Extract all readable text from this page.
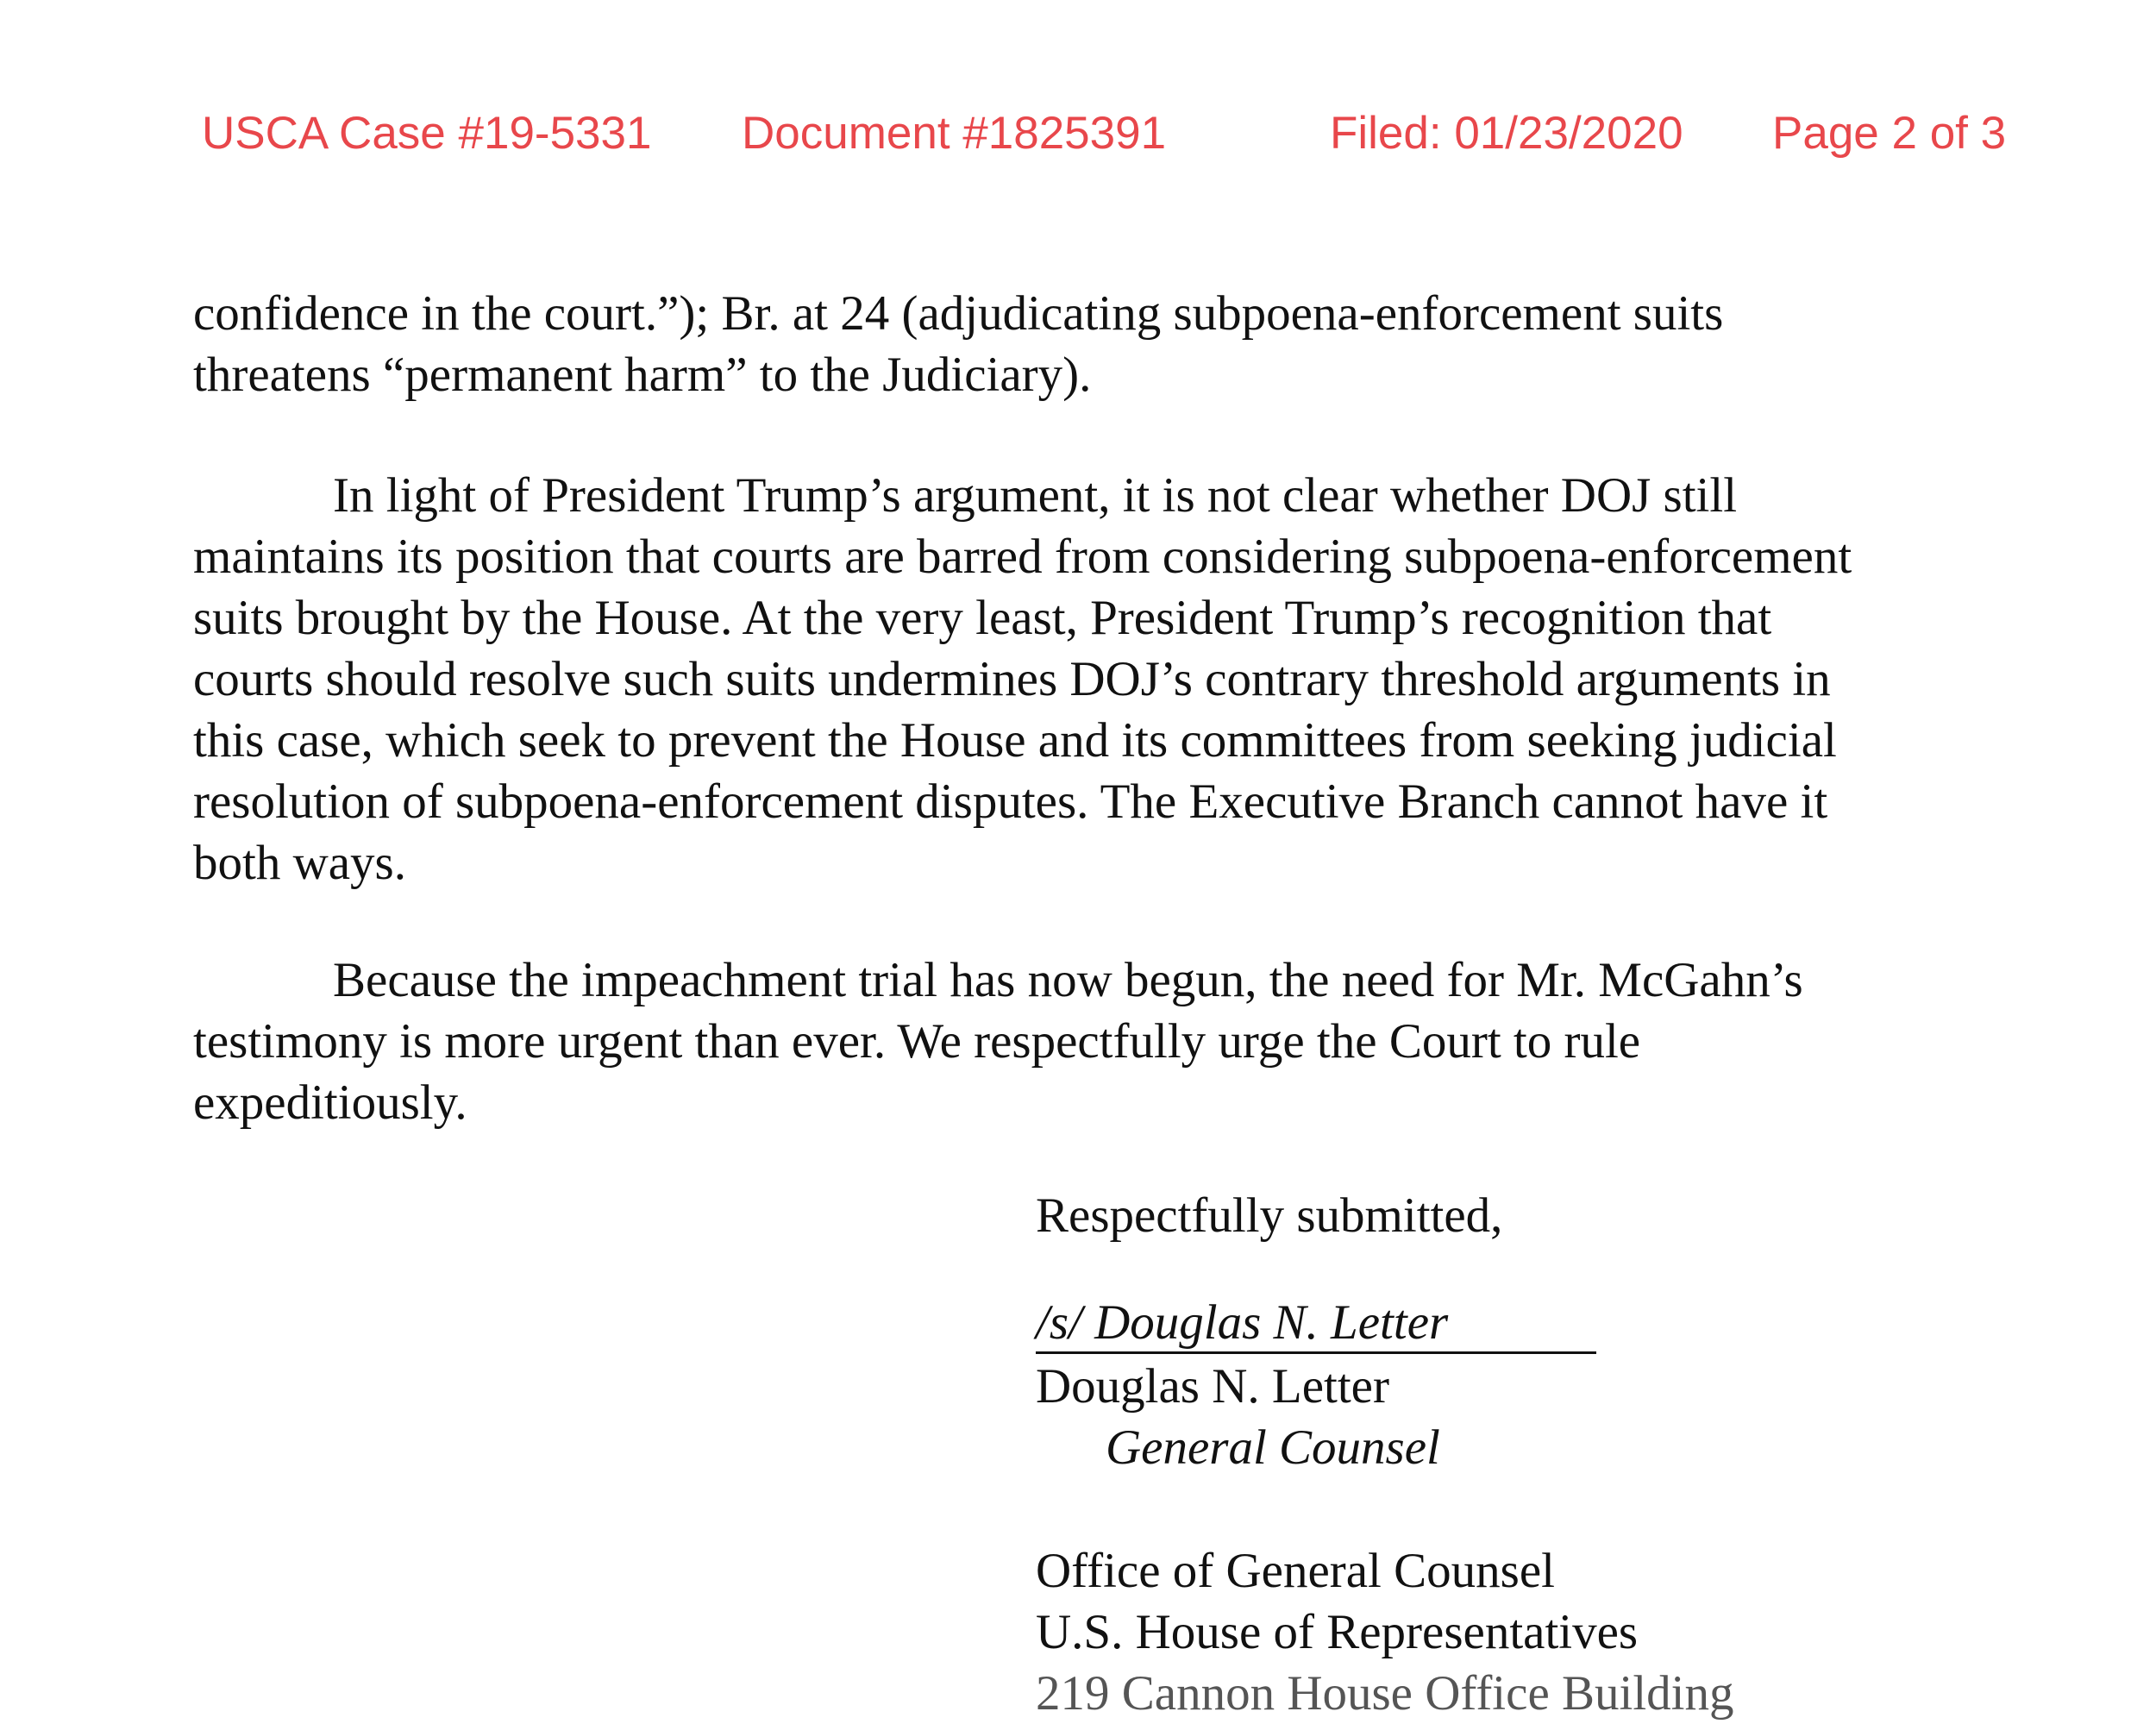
USCA Case #19-5331 Document #1825391	Filed: 01/23/2020 Page 2 of 3
confidence in the court.”); Br. at 24 (adjudicating subpoena-enforcement suits
threatens “permanent harm” to the Judiciary).
In light of President Trump’s argument, it is not clear whether DOJ still
maintains its position that courts are barred from considering subpoena-enforcement
suits brought by the House. At the very least, President Trump’s recognition that
courts should resolve such suits undermines DOJ’s contrary threshold arguments in
this case, which seek to prevent the House and its committees from seeking judicial
resolution of subpoena-enforcement disputes. The Executive Branch cannot have it
both ways.
Because the impeachment trial has now begun, the need for Mr. McGahn’s
testimony is more urgent than ever. We respectfully urge the Court to rule
expeditiously.
Respectfully submitted,
/s/ Douglas N. Letter
Douglas N. Letter
General Counsel
Office of General Counsel
U.S. House of Representatives
219 Cannon House Office Building
